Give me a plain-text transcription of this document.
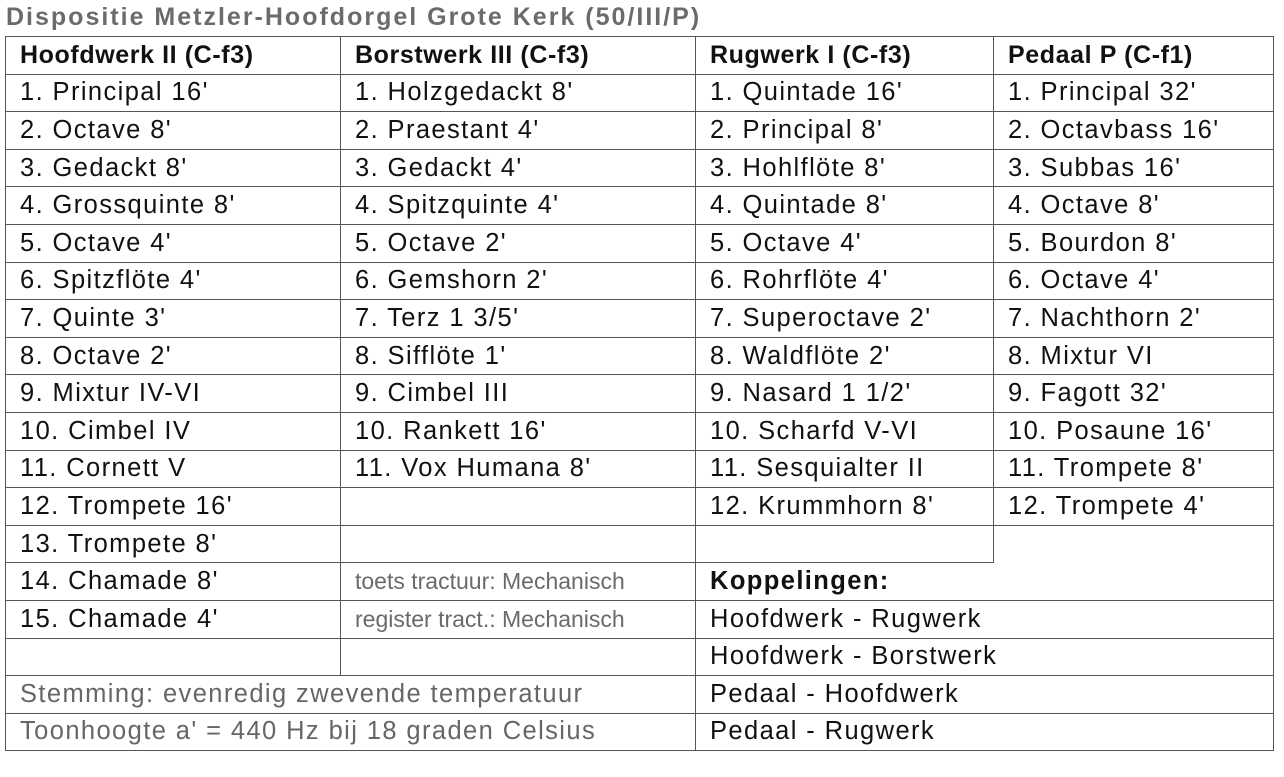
Dispositie Metzler-Hoofdorgel Grote Kerk (50/III/P)
Hoofdwerk II (C-f3)	Borstwerk III (C-f3)	Rugwerk I (C-f3)	Pedaal P (C-f1)
1. Principal 16'	1. Holzgedackt 8'	1. Quintade 16'	1. Principal 32'
2. Octave 8'	2. Praestant 4'	2. Principal 8'	2. Octavbass 16'
3. Gedackt 8'	3. Gedackt 4'	3. Hohlflöte 8'	3. Subbas 16'
4. Grossquinte 8'	4. Spitzquinte 4'	4. Quintade 8'	4. Octave 8'
5. Octave 4'	5. Octave 2'	5. Octave 4'	5. Bourdon 8'
6. Spitzflöte 4'	6. Gemshorn 2'	6. Rohrflöte 4'	6. Octave 4'
7. Quinte 3'	7. Terz 1 3/5'	7. Superoctave 2'	7. Nachthorn 2'
8. Octave 2'	8. Sifflöte 1'	8. Waldflöte 2'	8. Mixtur VI
9. Mixtur IV-VI	9. Cimbel III	9. Nasard 1 1/2'	9. Fagott 32'
10. Cimbel IV	10. Rankett 16'	10. Scharfd V-VI	10. Posaune 16'
11. Cornett V	11. Vox Humana 8'	11. Sesquialter II	11. Trompete 8'
12. Trompete 16'		12. Krummhorn 8'	12. Trompete 4'
13. Trompete 8'			
14. Chamade 8'	toets tractuur: Mechanisch	Koppelingen:	
15. Chamade 4'	register tract.: Mechanisch	Hoofdwerk - Rugwerk	
		Hoofdwerk - Borstwerk	
Stemming: evenredig zwevende temperatuur		Pedaal - Hoofdwerk	
Toonhoogte a' = 440 Hz bij 18 graden Celsius		Pedaal - Rugwerk	
